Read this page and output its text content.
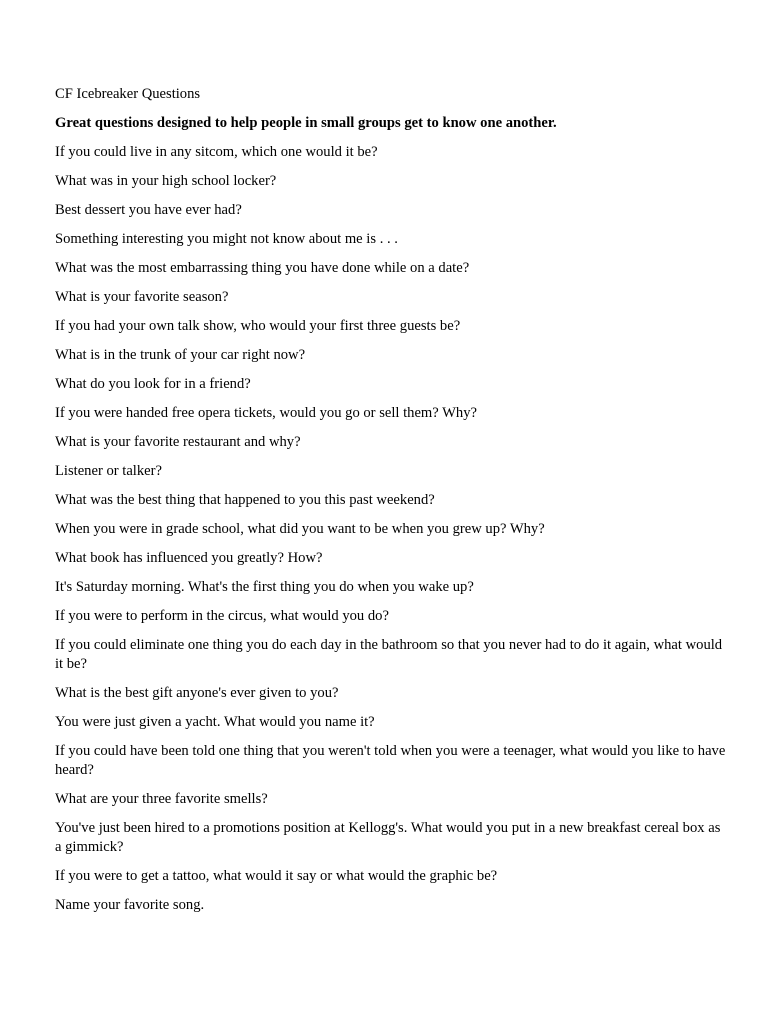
CF Icebreaker Questions
Great questions designed to help people in small groups get to know one another.
If you could live in any sitcom, which one would it be?
What was in your high school locker?
Best dessert you have ever had?
Something interesting you might not know about me is . . .
What was the most embarrassing thing you have done while on a date?
What is your favorite season?
If you had your own talk show, who would your first three guests be?
What is in the trunk of your car right now?
What do you look for in a friend?
If you were handed free opera tickets, would you go or sell them? Why?
What is your favorite restaurant and why?
Listener or talker?
What was the best thing that happened to you this past weekend?
When you were in grade school, what did you want to be when you grew up? Why?
What book has influenced you greatly? How?
It's Saturday morning. What's the first thing you do when you wake up?
If you were to perform in the circus, what would you do?
If you could eliminate one thing you do each day in the bathroom so that you never had to do it again, what would it be?
What is the best gift anyone's ever given to you?
You were just given a yacht. What would you name it?
If you could have been told one thing that you weren't told when you were a teenager, what would you like to have heard?
What are your three favorite smells?
You've just been hired to a promotions position at Kellogg's. What would you put in a new breakfast cereal box as a gimmick?
If you were to get a tattoo, what would it say or what would the graphic be?
Name your favorite song.
